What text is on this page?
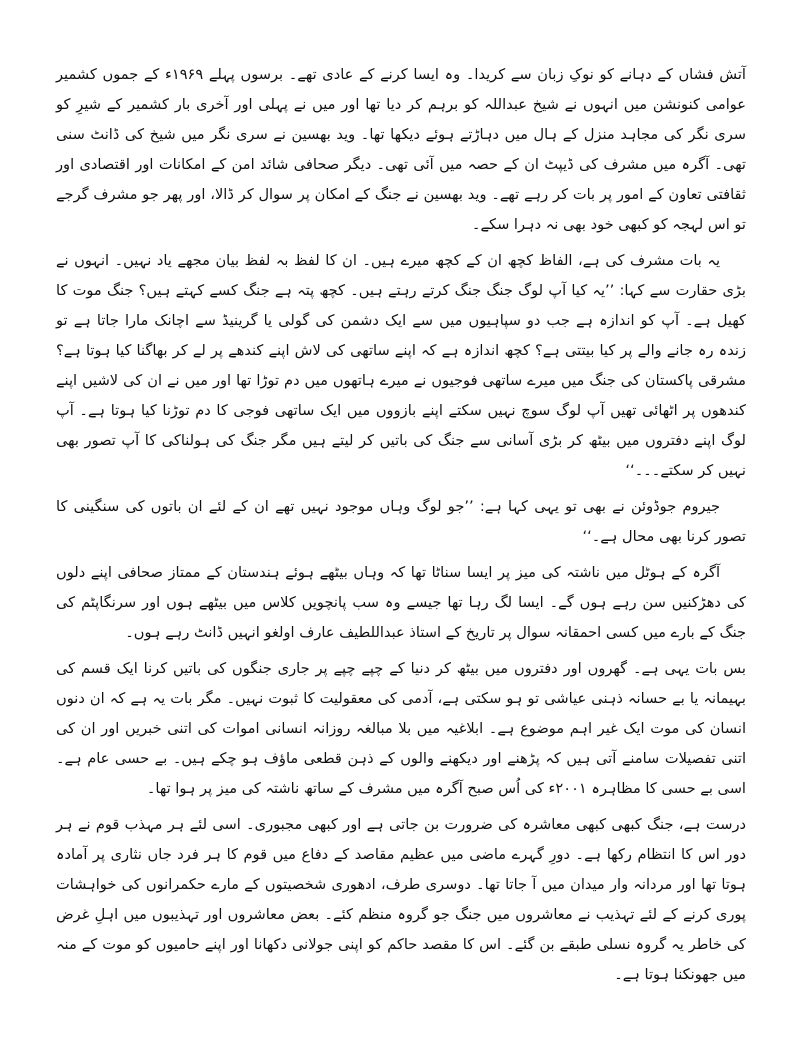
آتش فشاں کے دہانے کو نوکِ زبان سے کریدا۔ وہ ایسا کرنے کے عادی تھے۔ برسوں پہلے ۱۹۶۹ء کے جموں کشمیر عوامی کنونشن میں انہوں نے شیخ عبداللہ کو برہم کر دیا تھا اور میں نے پہلی اور آخری بار کشمیر کے شیرِ کو سری نگر کی مجاہد منزل کے ہال میں دہاڑتے ہوئے دیکھا تھا۔ وید بھسین نے سری نگر میں شیخ کی ڈانٹ سنی تھی۔ آگرہ میں مشرف کی ڈیپٹ ان کے حصہ میں آئی تھی۔ دیگر صحافی شائد امن کے امکانات اور اقتصادی اور ثقافتی تعاون کے امور پر بات کر رہے تھے۔ وید بھسین نے جنگ کے امکان پر سوال کر ڈالا، اور پھر جو مشرف گرجے تو اس لہجہ کو کبھی خود بھی نہ دہرا سکے۔

یہ بات مشرف کی ہے، الفاظ کچھ ان کے کچھ میرے ہیں۔ ان کا لفظ بہ لفظ بیان مجھے یاد نہیں۔ انہوں نے بڑی حقارت سے کہا: ’’یہ کیا آپ لوگ جنگ جنگ کرتے رہتے ہیں۔ کچھ پتہ ہے جنگ کسے کہتے ہیں؟ جنگ موت کا کھیل ہے۔ آپ کو اندازہ ہے جب دو سپاہیوں میں سے ایک دشمن کی گولی یا گرینیڈ سے اچانک مارا جاتا ہے تو زندہ رہ جانے والے پر کیا بیتتی ہے؟ کچھ اندازہ ہے کہ اپنے ساتھی کی لاش اپنے کندھے پر لے کر بھاگنا کیا ہوتا ہے؟ مشرقی پاکستان کی جنگ میں میرے ساتھی فوجیوں نے میرے ہاتھوں میں دم توڑا تھا اور میں نے ان کی لاشیں اپنے کندھوں پر اٹھائی تھیں آپ لوگ سوچ نہیں سکتے اپنے بازووں میں ایک ساتھی فوجی کا دم توڑنا کیا ہوتا ہے۔ آپ لوگ اپنے دفتروں میں بیٹھ کر بڑی آسانی سے جنگ کی باتیں کر لیتے ہیں مگر جنگ کی ہولناکی کا آپ تصور بھی نہیں کر سکتے۔۔۔‘‘

جیروم جوڈوئن نے بھی تو یہی کہا ہے: ’’جو لوگ وہاں موجود نہیں تھے ان کے لئے ان باتوں کی سنگینی کا تصور کرنا بھی محال ہے۔‘‘

آگرہ کے ہوٹل میں ناشتہ کی میز پر ایسا سناٹا تھا کہ وہاں بیٹھے ہوئے ہندستان کے ممتاز صحافی اپنے دلوں کی دھڑکنیں سن رہے ہوں گے۔ ایسا لگ رہا تھا جیسے وہ سب پانچویں کلاس میں بیٹھے ہوں اور سرنگاپٹم کی جنگ کے بارے میں کسی احمقانہ سوال پر تاریخ کے استاذ عبداللطیف عارف اولغو انہیں ڈانٹ رہے ہوں۔

بس بات یہی ہے۔ گھروں اور دفتروں میں بیٹھ کر دنیا کے چپے چپے پر جاری جنگوں کی باتیں کرنا ایک قسم کی بہیمانہ یا بے حسانہ ذہنی عیاشی تو ہو سکتی ہے، آدمی کی معقولیت کا ثبوت نہیں۔ مگر بات یہ ہے کہ ان دنوں انسان کی موت ایک غیر اہم موضوع ہے۔ ابلاغیہ میں بلا مبالغہ روزانہ انسانی اموات کی اتنی خبریں اور ان کی اتنی تفصیلات سامنے آتی ہیں کہ پڑھنے اور دیکھنے والوں کے ذہن قطعی ماؤف ہو چکے ہیں۔ بے حسی عام ہے۔ اسی بے حسی کا مظاہرہ ۲۰۰۱ء کی اُس صبح آگرہ میں مشرف کے ساتھ ناشتہ کی میز پر ہوا تھا۔

درست ہے، جنگ کبھی کبھی معاشرہ کی ضرورت بن جاتی ہے اور کبھی مجبوری۔ اسی لئے ہر مہذب قوم نے ہر دور اس کا انتظام رکھا ہے۔ دورِ گہرے ماضی میں عظیم مقاصد کے دفاع میں قوم کا ہر فرد جاں نثاری پر آمادہ ہوتا تھا اور مردانہ وار میدان میں آ جاتا تھا۔ دوسری طرف، ادھوری شخصیتوں کے مارے حکمرانوں کی خواہشات پوری کرنے کے لئے تہذیب نے معاشروں میں جنگ جو گروہ منظم کئے۔ بعض معاشروں اور تہذیبوں میں اہلِ غرض کی خاطر یہ گروہ نسلی طبقے بن گئے۔ اس کا مقصد حاکم کو اپنی جولانی دکھانا اور اپنے حامیوں کو موت کے منہ میں جھونکنا ہوتا ہے۔
